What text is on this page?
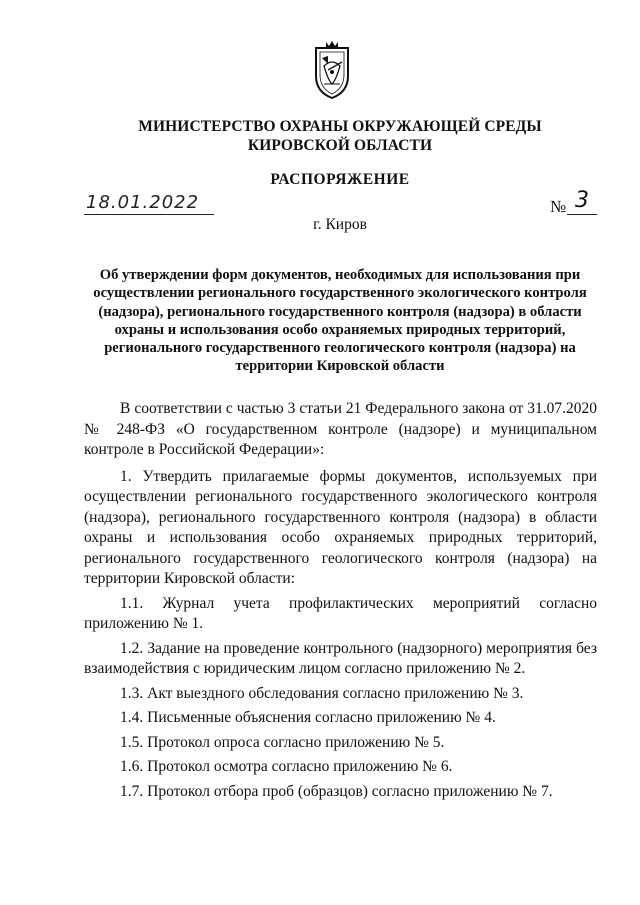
МИНИСТЕРСТВО ОХРАНЫ ОКРУЖАЮЩЕЙ СРЕДЫ
КИРОВСКОЙ ОБЛАСТИ
РАСПОРЯЖЕНИЕ
18.01.2022	№ 3
г. Киров
Об утверждении форм документов, необходимых для использования при осуществлении регионального государственного экологического контроля (надзора), регионального государственного контроля (надзора) в области охраны и использования особо охраняемых природных территорий, регионального государственного геологического контроля (надзора) на территории Кировской области

В соответствии с частью 3 статьи 21 Федерального закона от 31.07.2020 № 248-ФЗ «О государственном контроле (надзоре) и муниципальном контроле в Российской Федерации»:

1. Утвердить прилагаемые формы документов, используемых при осуществлении регионального государственного экологического контроля (надзора), регионального государственного контроля (надзора) в области охраны и использования особо охраняемых природных территорий, регионального государственного геологического контроля (надзора) на территории Кировской области:

1.1. Журнал учета профилактических мероприятий согласно приложению № 1.

1.2. Задание на проведение контрольного (надзорного) мероприятия без взаимодействия с юридическим лицом согласно приложению № 2.

1.3. Акт выездного обследования согласно приложению № 3.

1.4. Письменные объяснения согласно приложению № 4.

1.5. Протокол опроса согласно приложению № 5.

1.6. Протокол осмотра согласно приложению № 6.

1.7. Протокол отбора проб (образцов) согласно приложению № 7.
